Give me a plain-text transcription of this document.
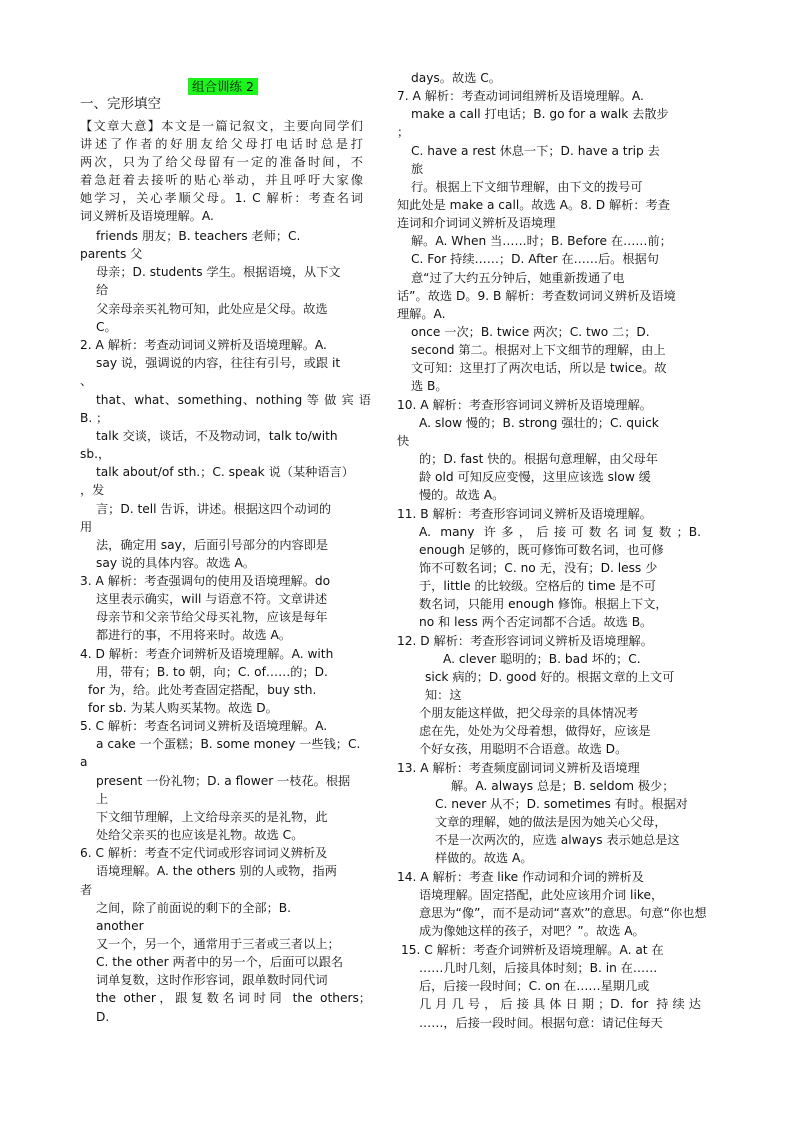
组合训练 2
一、完形填空
【文章大意】本文是一篇记叙文，主要向同学们
讲述了作者的好朋友给父母打电话时总是打
两次，只为了给父母留有一定的准备时间，不
着急赶着去接听的贴心举动，并且呼吁大家像
她学习，关心孝顺父母。1. C 解析：考查名词
词义辨析及语境理解。A.
friends 朋友；B. teachers 老师；C.
parents 父
母亲；D. students 学生。根据语境，从下文
给
父亲母亲买礼物可知，此处应是父母。故选
C。
2. A 解析：考查动词词义辨析及语境理解。A.
say 说，强调说的内容，往往有引号，或跟 it
、
that、what、something、nothing 等 做 宾 语 ；
B.
talk 交谈，谈话，不及物动词，talk to/with
sb.，
talk about/of sth.；C. speak 说（某种语言）
，发
言；D. tell 告诉，讲述。根据这四个动词的
用
法，确定用 say，后面引号部分的内容即是
say 说的具体内容。故选 A。
3. A 解析：考查强调句的使用及语境理解。do
这里表示确实，will 与语意不符。文章讲述
母亲节和父亲节给父母买礼物，应该是每年
都进行的事，不用将来时。故选 A。
4. D 解析：考查介词辨析及语境理解。A. with
用，带有；B. to 朝，向；C. of……的；D.
for 为，给。此处考查固定搭配，buy sth.
for sb. 为某人购买某物。故选 D。
5. C 解析：考查名词词义辨析及语境理解。A.
a cake 一个蛋糕；B. some money 一些钱；C.
a
present 一份礼物；D. a flower 一枝花。根据
上
下文细节理解，上文给母亲买的是礼物，此
处给父亲买的也应该是礼物。故选 C。
6. C 解析：考查不定代词或形容词词义辨析及
语境理解。A. the others 别的人或物，指两
者
之间，除了前面说的剩下的全部；B.
another
又一个，另一个，通常用于三者或三者以上；
C. the other 两者中的另一个，后面可以跟名
词单复数，这时作形容词，跟单数时同代词
the other，跟复数名词时同 the others；
D.
days。故选 C。
7. A 解析：考查动词词组辨析及语境理解。A.
make a call 打电话；B. go for a walk 去散步
；
C. have a rest 休息一下；D. have a trip 去
旅
行。根据上下文细节理解，由下文的拨号可
知此处是 make a call。故选 A。8. D 解析：考查
连词和介词词义辨析及语境理
解。A. When 当……时；B. Before 在……前；
C. For 持续……；D. After 在……后。根据句
意“过了大约五分钟后，她重新拨通了电
话”。故选 D。9. B 解析：考查数词词义辨析及语境
理解。A.
once 一次；B. twice 两次；C. two 二；D.
second 第二。根据对上下文细节的理解，由上
文可知：这里打了两次电话，所以是 twice。故
选 B。
10. A 解析：考查形容词词义辨析及语境理解。
A. slow 慢的；B. strong 强壮的；C. quick
快
的；D. fast 快的。根据句意理解，由父母年
龄 old 可知反应变慢，这里应该选 slow 缓
慢的。故选 A。
11. B 解析：考查形容词词义辨析及语境理解。
A. many 许多，后接可数名词复数；B.
enough 足够的，既可修饰可数名词，也可修
饰不可数名词；C. no 无，没有；D. less 少
于，little 的比较级。空格后的 time 是不可
数名词，只能用 enough 修饰。根据上下文，
no 和 less 两个否定词都不合适。故选 B。
12. D 解析：考查形容词词义辨析及语境理解。
A. clever 聪明的；B. bad 坏的；C.
sick 病的；D. good 好的。根据文章的上文可
知：这
个朋友能这样做，把父母亲的具体情况考
虑在先，处处为父母着想，做得好，应该是
个好女孩，用聪明不合语意。故选 D。
13. A 解析：考查频度副词词义辨析及语境理
解。A. always 总是；B. seldom 极少；
C. never 从不；D. sometimes 有时。根据对
文章的理解，她的做法是因为她关心父母，
不是一次两次的，应选 always 表示她总是这
样做的。故选 A。
14. A 解析：考查 like 作动词和介词的辨析及
语境理解。固定搭配，此处应该用介词 like，
意思为“像”，而不是动词“喜欢”的意思。句意“你也想
成为像她这样的孩子，对吧？”。故选 A。
15. C 解析：考查介词辨析及语境理解。A. at 在
……几时几刻，后接具体时刻；B. in 在……
后，后接一段时间；C. on 在……星期几或
几月几号，后接具体日期；D. for 持续达
……，后接一段时间。根据句意：请记住每天
